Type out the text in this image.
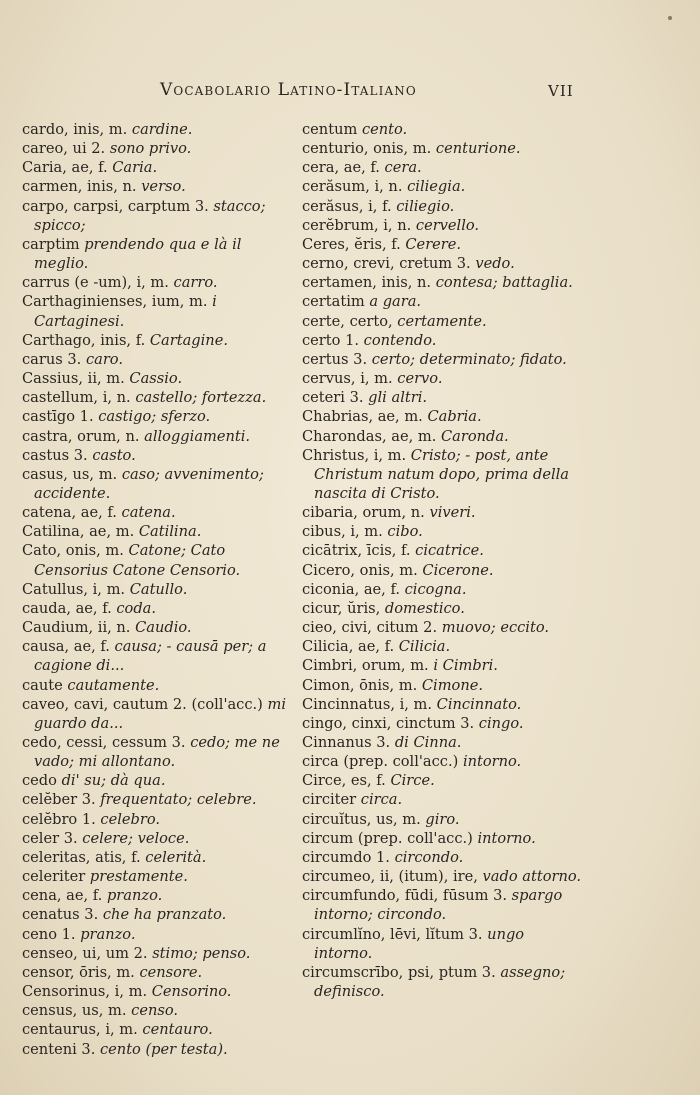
Vocabolario Latino-Italiano	VII
cardo, inis, m. cardine.
careo, ui 2. sono privo.
Caria, ae, f. Caria.
carmen, inis, n. verso.
carpo, carpsi, carptum 3. stacco; spicco;
carptim prendendo qua e là il meglio.
carrus (e -um), i, m. carro.
Carthaginienses, ium, m. i Cartaginesi.
Carthago, inis, f. Cartagine.
carus 3. caro.
Cassius, ii, m. Cassio.
castellum, i, n. castello; fortezza.
castīgo 1. castigo; sferzo.
castra, orum, n. alloggiamenti.
castus 3. casto.
casus, us, m. caso; avvenimento; accidente.
catena, ae, f. catena.
Catilina, ae, m. Catilina.
Cato, onis, m. Catone; Cato Censorius Catone Censorio.
Catullus, i, m. Catullo.
cauda, ae, f. coda.
Caudium, ii, n. Caudio.
causa, ae, f. causa; - causā per; a cagione di...
caute cautamente.
caveo, cavi, cautum 2. (coll'acc.) mi guardo da...
cedo, cessi, cessum 3. cedo; me ne vado; mi allontano.
cedo di' su; dà qua.
celĕber 3. frequentato; celebre.
celĕbro 1. celebro.
celer 3. celere; veloce.
celeritas, atis, f. celerità.
celeriter prestamente.
cena, ae, f. pranzo.
cenatus 3. che ha pranzato.
ceno 1. pranzo.
censeo, ui, um 2. stimo; penso.
censor, ōris, m. censore.
Censorinus, i, m. Censorino.
census, us, m. censo.
centaurus, i, m. centauro.
centeni 3. cento (per testa).
centum cento.
centurio, onis, m. centurione.
cera, ae, f. cera.
cerăsum, i, n. ciliegia.
cerăsus, i, f. ciliegio.
cerĕbrum, i, n. cervello.
Ceres, ĕris, f. Cerere.
cerno, crevi, cretum 3. vedo.
certamen, inis, n. contesa; battaglia.
certatim a gara.
certe, certo, certamente.
certo 1. contendo.
certus 3. certo; determinato; fidato.
cervus, i, m. cervo.
ceteri 3. gli altri.
Chabrias, ae, m. Cabria.
Charondas, ae, m. Caronda.
Christus, i, m. Cristo; - post, ante Christum natum dopo, prima della nascita di Cristo.
cibaria, orum, n. viveri.
cibus, i, m. cibo.
cicātrix, īcis, f. cicatrice.
Cicero, onis, m. Cicerone.
ciconia, ae, f. cicogna.
cicur, ŭris, domestico.
cieo, civi, citum 2. muovo; eccito.
Cilicia, ae, f. Cilicia.
Cimbri, orum, m. i Cimbri.
Cimon, ōnis, m. Cimone.
Cincinnatus, i, m. Cincinnato.
cingo, cinxi, cinctum 3. cingo.
Cinnanus 3. di Cinna.
circa (prep. coll'acc.) intorno.
Circe, es, f. Circe.
circiter circa.
circuĭtus, us, m. giro.
circum (prep. coll'acc.) intorno.
circumdo 1. circondo.
circumeo, ii, (itum), ire, vado attorno.
circumfundo, fūdi, fūsum 3. spargo intorno; circondo.
circumlĭno, lēvi, lĭtum 3. ungo intorno.
circumscrībo, psi, ptum 3. assegno; definisco.
